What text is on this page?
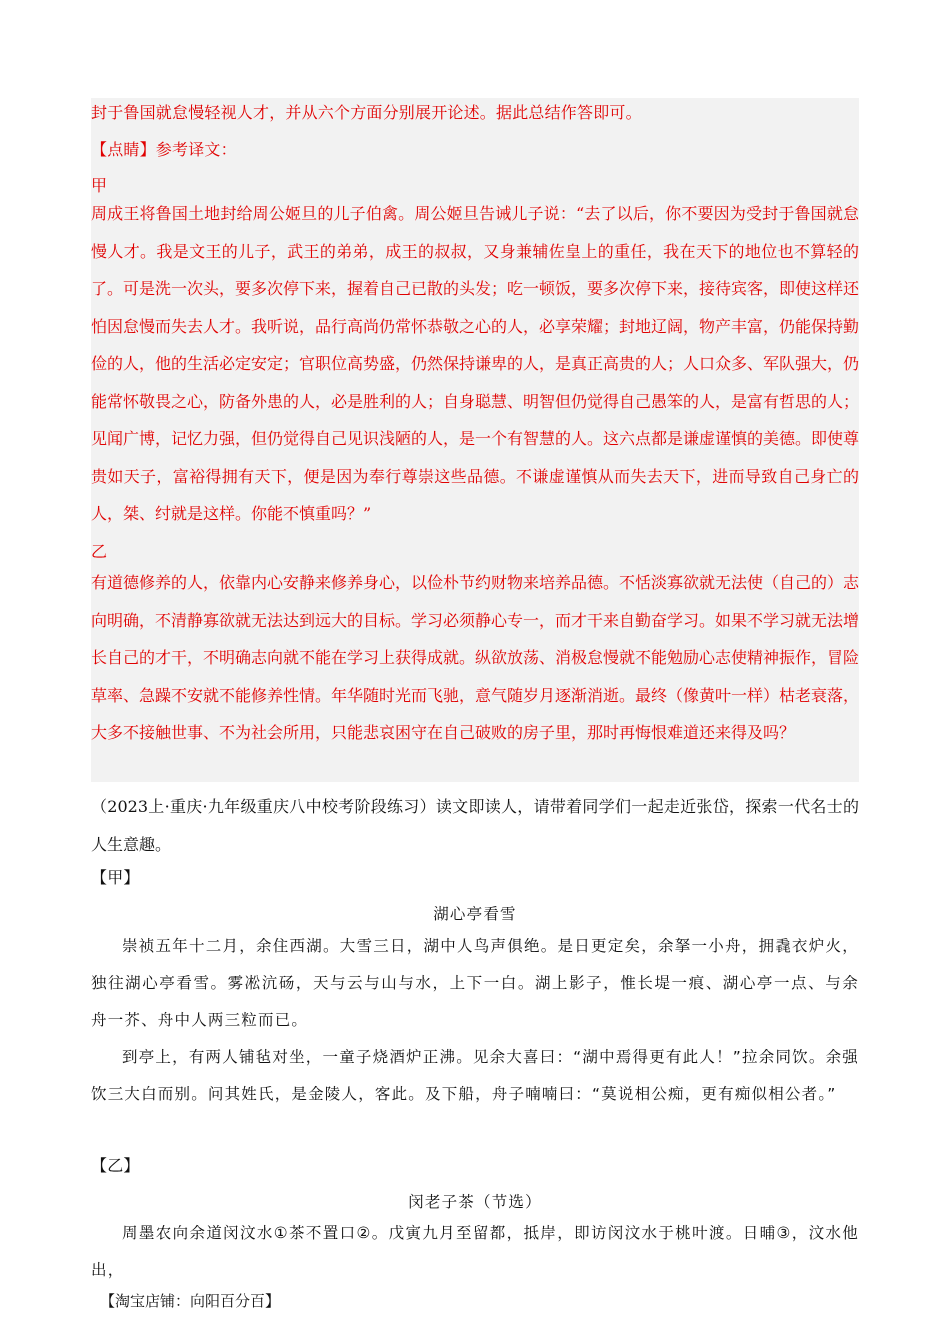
封于鲁国就怠慢轻视人才，并从六个方面分别展开论述。据此总结作答即可。
【点睛】参考译文：
甲

周成王将鲁国土地封给周公姬旦的儿子伯禽。周公姬旦告诫儿子说：“去了以后，你不要因为受封于鲁国就怠慢人才。我是文王的儿子，武王的弟弟，成王的叔叔，又身兼辅佐皇上的重任，我在天下的地位也不算轻的了。可是洗一次头，要多次停下来，握着自己已散的头发；吃一顿饭，要多次停下来，接待宾客，即使这样还怕因怠慢而失去人才。我听说，品行高尚仍常怀恭敬之心的人，必享荣耀；封地辽阔，物产丰富，仍能保持勤俭的人，他的生活必定安定；官职位高势盛，仍然保持谦卑的人，是真正高贵的人；人口众多、军队强大，仍能常怀敬畏之心，防备外患的人，必是胜利的人；自身聪慧、明智但仍觉得自己愚笨的人，是富有哲思的人；见闻广博，记忆力强，但仍觉得自己见识浅陋的人，是一个有智慧的人。这六点都是谦虚谨慎的美德。即使尊贵如天子，富裕得拥有天下，便是因为奉行尊崇这些品德。不谦虚谨慎从而失去天下，进而导致自己身亡的人，桀、纣就是这样。你能不慎重吗？”

乙

有道德修养的人，依靠内心安静来修养身心，以俭朴节约财物来培养品德。不恬淡寡欲就无法使（自己的）志向明确，不清静寡欲就无法达到远大的目标。学习必须静心专一，而才干来自勤奋学习。如果不学习就无法增长自己的才干，不明确志向就不能在学习上获得成就。纵欲放荡、消极怠慢就不能勉励心志使精神振作，冒险草率、急躁不安就不能修养性情。年华随时光而飞驰，意气随岁月逐渐消逝。最终（像黄叶一样）枯老衰落，大多不接触世事、不为社会所用，只能悲哀困守在自己破败的房子里，那时再悔恨难道还来得及吗？

（2023上·重庆·九年级重庆八中校考阶段练习）读文即读人，请带着同学们一起走近张岱，探索一代名士的人生意趣。

【甲】
湖心亭看雪

崇祯五年十二月，余住西湖。大雪三日，湖中人鸟声俱绝。是日更定矣，余拏一小舟，拥毳衣炉火，独往湖心亭看雪。雾凇沆砀，天与云与山与水，上下一白。湖上影子，惟长堤一痕、湖心亭一点、与余舟一芥、舟中人两三粒而已。

到亭上，有两人铺毡对坐，一童子烧酒炉正沸。见余大喜曰：“湖中焉得更有此人！”拉余同饮。余强饮三大白而别。问其姓氏，是金陵人，客此。及下船，舟子喃喃曰：“莫说相公痴，更有痴似相公者。”

【乙】
闵老子茶（节选）

周墨农向余道闵汶水①茶不置口②。戊寅九月至留都，抵岸，即访闵汶水于桃叶渡。日晡③，汶水他出，

【淘宝店铺：向阳百分百】
